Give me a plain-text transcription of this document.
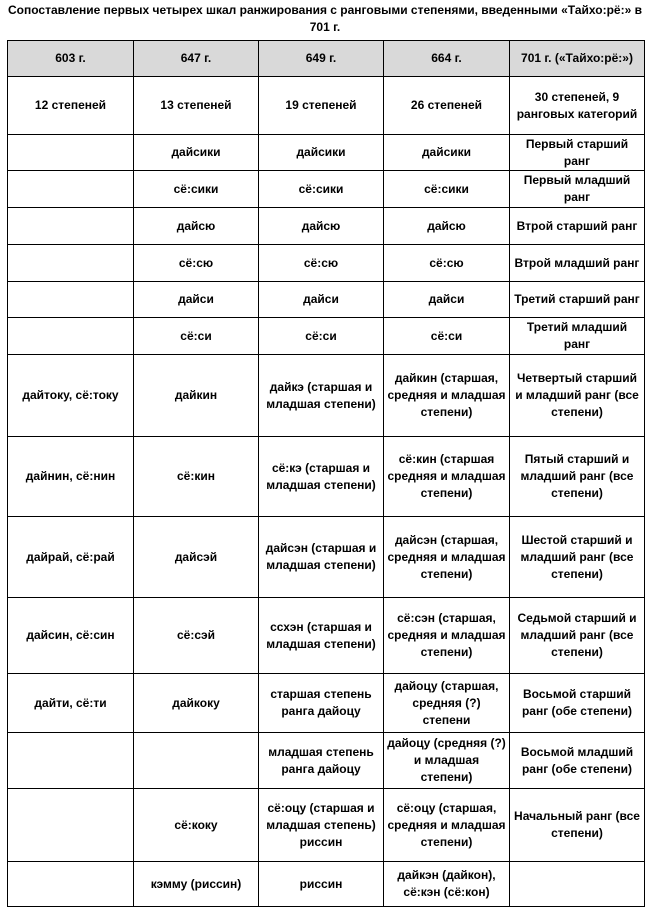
Сопоставление первых четырех шкал ранжирования с ранговыми степенями, введенными «Тайхо:рё:» в 701 г.
603 г.	647 г.	649 г.	664 г.	701 г. («Тайхо:рё:»)
12 степеней	13 степеней	19 степеней	26 степеней	30 степеней, 9 ранговых категорий
	дайсики	дайсики	дайсики	Первый старший ранг
	сё:сики	сё:сики	сё:сики	Первый младший ранг
	дайсю	дайсю	дайсю	Втрой старший ранг
	сё:сю	сё:сю	сё:сю	Втрой младший ранг
	дайси	дайси	дайси	Третий старший ранг
	сё:си	сё:си	сё:си	Третий младший ранг
дайтоку, сё:току	дайкин	дайкэ (старшая и младшая степени)	дайкин (старшая, средняя и младшая степени)	Четвертый старший и младший ранг (все степени)
дайнин, сё:нин	сё:кин	сё:кэ (старшая и младшая степени)	сё:кин (старшая средняя и младшая степени)	Пятый старший и младший ранг (все степени)
дайрай, сё:рай	дайсэй	дайсэн (старшая и младшая степени)	дайсэн (старшая, средняя и младшая степени)	Шестой старший и младший ранг (все степени)
дайсин, сё:син	сё:сэй	ссхэн (старшая и младшая степени)	сё:сэн (старшая, средняя и младшая степени)	Седьмой старший и младший ранг (все степени)
дайти, сё:ти	дайкоку	старшая степень ранга дайоцу	дайоцу (старшая, средняя (?) степени	Восьмой старший ранг (обе степени)
		младшая степень ранга дайоцу	дайоцу (средняя (?) и младшая степени)	Восьмой младший ранг (обе степени)
	сё:коку	сё:оцу (старшая и младшая степень) риссин	сё:оцу (старшая, средняя и младшая степени)	Начальный ранг (все степени)
	кэмму (риссин)	риссин	дайкэн (дайкон), сё:кэн (сё:кон)	
